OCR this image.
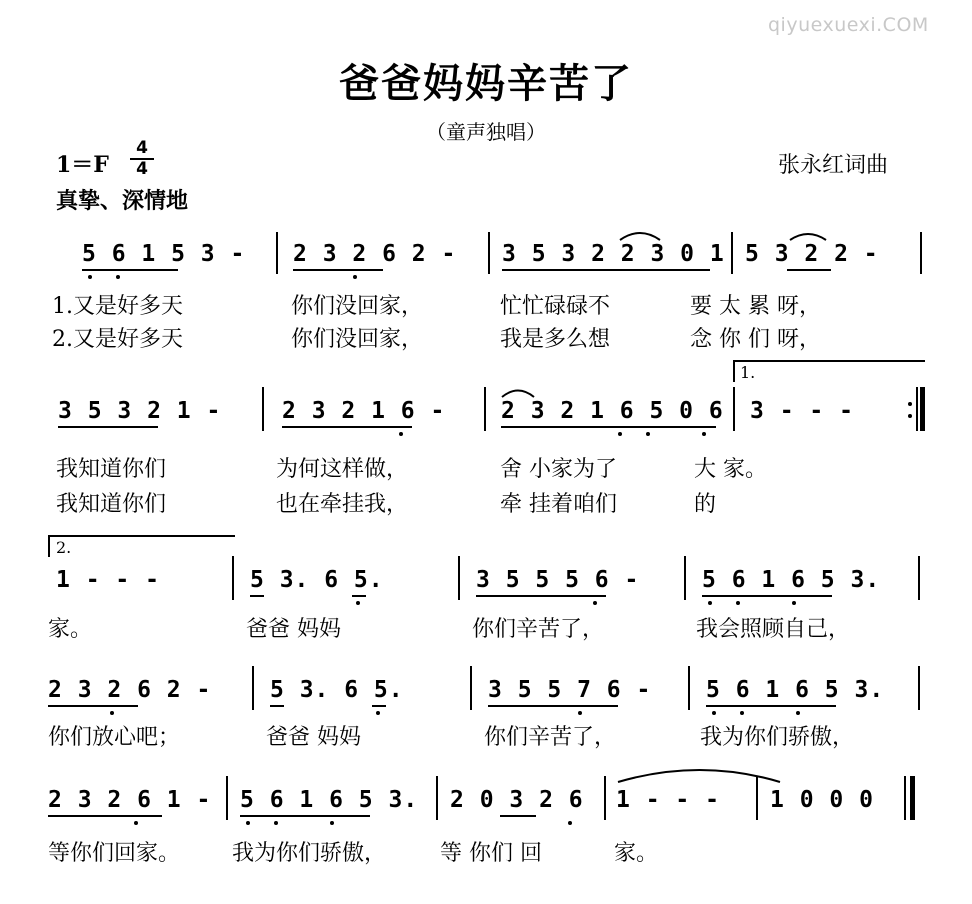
qiyuexuexi.COM
爸爸妈妈辛苦了
（童声独唱）
1＝F
4
4	张永红词曲
真挚、深情地
5 6 1 5 3 - 2 3 2 6 2 - 3 5 3 2 2 3 0 1 5 3 2 2 -
1.又是好多天	你们没回家，	忙忙碌碌不	要 太 累 呀，
2.又是好多天	你们没回家，	我是多么想	念 你 们 呀，
1.
3 5 3 2 1 -	2 3 2 1 6 - 2 3 2 1 6 5 0 6 3 - - -
我知道你们	为何这样做，	舍 小家为了	大 家。
我知道你们	也在牵挂我，	牵 挂着咱们	的
2.
1 - - -	5 3. 6 5.	3 5 5 5 6 -	5 6 1 6 5 3.
家。	爸爸 妈妈	你们辛苦了，	我会照顾自己，
2 3 2 6 2 -	5 3. 6 5.	3 5 5 7 6 - 5 6 1 6 5 3.
你们放心吧；	爸爸 妈妈	你们辛苦了，	我为你们骄傲，
2 3 2 6 1 - 5 6 1 6 5 3. 2 0 3 2 6 1 - - - 1 0 0 0
等你们回家。 我为你们骄傲， 等 你们 回	家。
